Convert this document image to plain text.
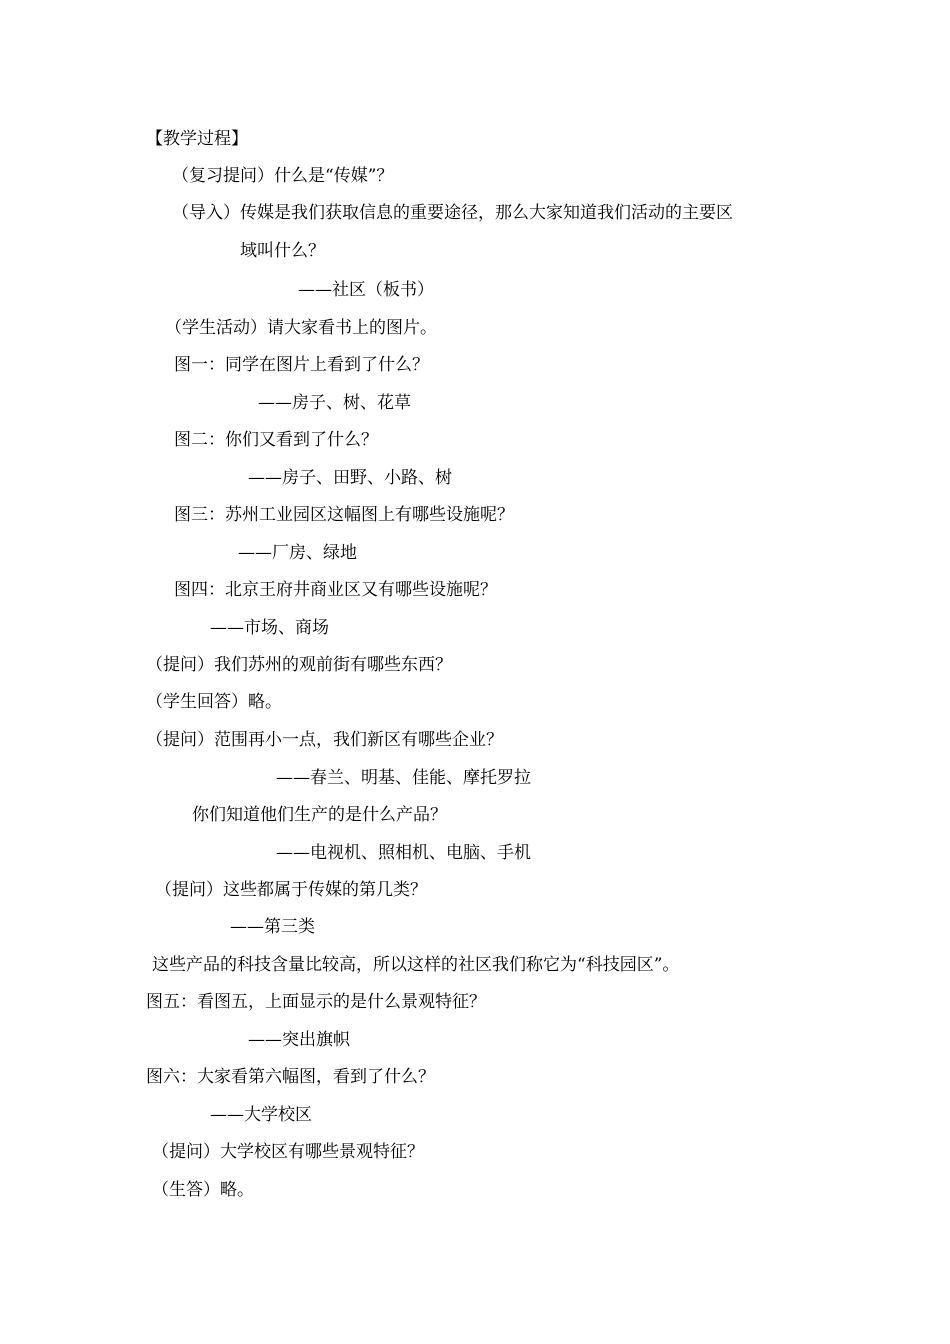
【教学过程】
（复习提问）什么是“传媒”？
（导入）传媒是我们获取信息的重要途径，那么大家知道我们活动的主要区
域叫什么？
——社区（板书）
（学生活动）请大家看书上的图片。
图一：同学在图片上看到了什么？
——房子、树、花草
图二：你们又看到了什么？
——房子、田野、小路、树
图三：苏州工业园区这幅图上有哪些设施呢？
——厂房、绿地
图四：北京王府井商业区又有哪些设施呢？
——市场、商场
（提问）我们苏州的观前街有哪些东西？
（学生回答）略。
（提问）范围再小一点，我们新区有哪些企业？
——春兰、明基、佳能、摩托罗拉
你们知道他们生产的是什么产品？
——电视机、照相机、电脑、手机
（提问）这些都属于传媒的第几类？
——第三类
这些产品的科技含量比较高，所以这样的社区我们称它为“科技园区”。
图五：看图五，上面显示的是什么景观特征？
——突出旗帜
图六：大家看第六幅图，看到了什么？
——大学校区
（提问）大学校区有哪些景观特征？
（生答）略。
